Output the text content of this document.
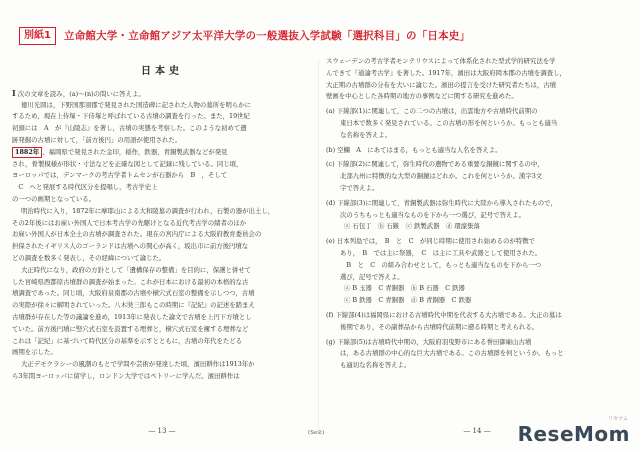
別紙1	立命館大学・立命館アジア太平洋大学の一般選抜入学試験「選択科目」の「日本史」
日本史
I 次の文章を読み，(a)〜(n)の問いに答えよ。
徳川光圀は，下野国那須郡で発見された国造碑に記された人物の墓所を明らかに
するため，現在上侍塚・下侍塚と呼ばれている古墳の調査を行った。また，19世紀
初頭には　A　が『山陵志』を著し，古墳の実態を考察した。このような初めて遺
跡発掘の古墳に対して，「前方後円」の用語が使用された。
1882年 、福岡県で発見された金印，稲作，鉄器，青銅製武器などが発見
され，骨製模様が形状・寸法などを正確な図として記録に残している。同じ頃，
ヨーロッパでは，デンマークの考古学者トムセンが石器から　B　，そして
　C　へと発展する時代区分を提唱し，考古学史上
の一つの画期となっている。
明治時代に入り，1872年に摩耶山による大和陵墓の調査が行われ，石製の器が出土し，
その2年後にはお雇い外国人で日本考古学の先駆けとなる近代考古学の緒者のほか
お雇い外国人が日本全土の古墳が調査された。現在の宮内庁による大阪府教育委員会の
担保されたイギリス人のゴーランドは古墳への関心が高く，坂出市に前方後円墳な
どの調査を数多く発表し，その経緯について論じた。
大正時代になり，政府の方針として「遺構保存の整備」を目的に，保護と併せて
した宮崎県西都原古墳群の調査が始まった。これが日本における最初の本格的な古
墳調査であった。同じ頃，大阪府泉南郡の古墳や横穴式石室の整備を示しつつ，古墳
の実際が徐々に解明されていった。八木奘三郎もこの時期に『記紀』の記述を踏まえ
古墳群が存在した等の議論を進め，1913年に発表した論文で古墳を上円下方墳とし
ていた。前方後円墳に竪穴式石室を設置する埋葬と，横穴式石室を擁する埋葬など
これは「記紀」に基づいて時代区分の基準を示すとともに，古墳の年代をたどる
画期を示した。
大正デモクラシーの風潮のもとで学問や芸術が発達した頃，濱田耕作は1913年か
ら3年間ヨーロッパに留学し，ロンドン大学ではペトリーに学んだ。濱田耕作は
— 13 —
スウェーデンの考古学者モンテリウスによって体系化された型式学的研究法を学
んできて『通論考古学』を著した。1917年，濱田は大阪府岡本郡の古墳を調査し，
大正期の古墳群の分布を大いに論じた。濱田の提言を受けた研究者たちは，古墳
壁画を中心とした各時期の地方の事例などに関する研究を進めた。
(a) 下線部(1)に関連して，この二つの古墳は，出雲地方や古墳時代前期の
東日本で数多く発見されている。この古墳の形を何というか。もっとも適当
な名称を答えよ。
(b) 空欄　A　にあてはまる，もっとも適当な人名を答えよ。
(c) 下線部(2)に関連して，弥生時代の遺物である重要な銅鏡に関するの中，
北部九州に特徴的な大型の銅鏡はどれか。これを何というか。漢字3文
字で答えよ。
(d) 下線部(3)に関連して，青銅製武器は弥生時代に大陸から導入されたもので，
次のうちもっとも適当なものを下から一つ選び，記号で答えよ。
ⓐ 石包丁　ⓑ 石鏃　ⓒ 鉄製武器　ⓓ 環濠集落
(e) 日本列島では，　B　と　C　が同じ時期に使用され始めるのが特徴で
あり，　B　では主に祭器，　C　は主に工具や武器として使用された。
　B　と　C　の組み合わせとして，もっとも適当なものを下から一つ
選び，記号で答えよ。
ⓐ B 玉器　C 青銅器　ⓑ B 石器　C 鉄器
ⓒ B 鉄器　C 青銅器　ⓓ B 青銅器　C 鉄器
(f) 下線部(4)は福岡県における古墳時代中期を代表する大古墳である。大正の墓は
後期であり，その副葬品から古墳時代前期に遡る時期と考えられる。
(g) 下線部(5)は古墳時代中期の，大阪府羽曳野市にある誉田御廟山古墳
は，ある古墳群の中心的な巨大古墳である。この古墳群を何というか。もっと
も適切な名称を答えよ。
— 14 —
(Se②)
リセマム
ReseMom
